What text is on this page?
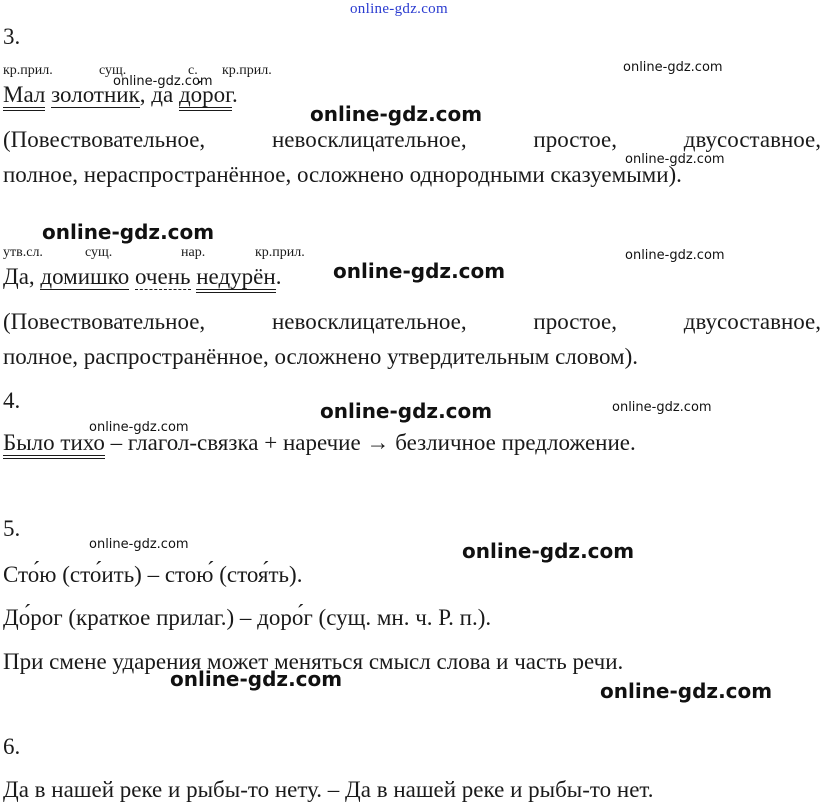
online-gdz.com
3.
кр.прил.	сущ.	с. кр.прил.
Мал золотник, да до́рог.
(Повествовательное, невосклицательное, простое, двусоставное,
полное, нераспространённое, осложнено однородными сказуемыми).
утв.сл.	сущ.	нар.	кр.прил.
Да, домишко очень недурён.
(Повествовательное, невосклицательное, простое, двусоставное,
полное, распространённое, осложнено утвердительным словом).
4.
Было тихо – глагол-связка + наречие → безличное предложение.
5.
Сто́ю (сто́ить) – стою́ (стоя́ть).
До́рог (краткое прилаг.) – доро́г (сущ. мн. ч. Р. п.).
При смене ударения может меняться смысл слова и часть речи.
6.
Да в нашей реке и рыбы-то нету. – Да в нашей реке и рыбы-то нет.
online-gdz.com
online-gdz.com
online-gdz.com
online-gdz.com
online-gdz.com
online-gdz.com
online-gdz.com
online-gdz.com	online-gdz.com
online-gdz.com
online-gdz.com	online-gdz.com
online-gdz.com	online-gdz.com
